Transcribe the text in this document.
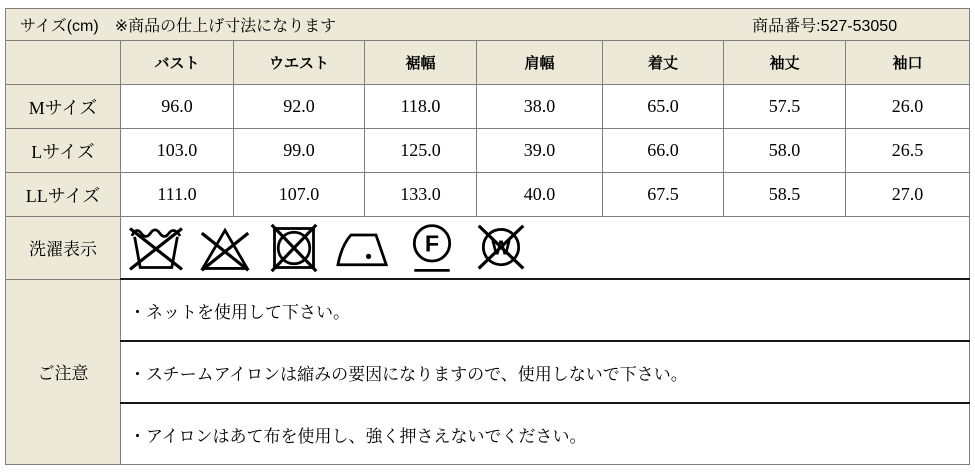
サイズ(cm)　※商品の仕上げ寸法になります 商品番号:527-53050							

	バスト	ウエスト	裾幅	肩幅	着丈	袖丈	袖口
Mサイズ	96.0	92.0	118.0	38.0	65.0	57.5	26.0
Lサイズ	103.0	99.0	125.0	39.0	66.0	58.0	26.5
LLサイズ	111.0	107.0	133.0	40.0	67.5	58.5	27.0
洗濯表示	F W						

ご注意	・ネットを使用して下さい。						
	・スチームアイロンは縮みの要因になりますので、使用しないで下さい。						
	・アイロンはあて布を使用し、強く押さえないでください。						
